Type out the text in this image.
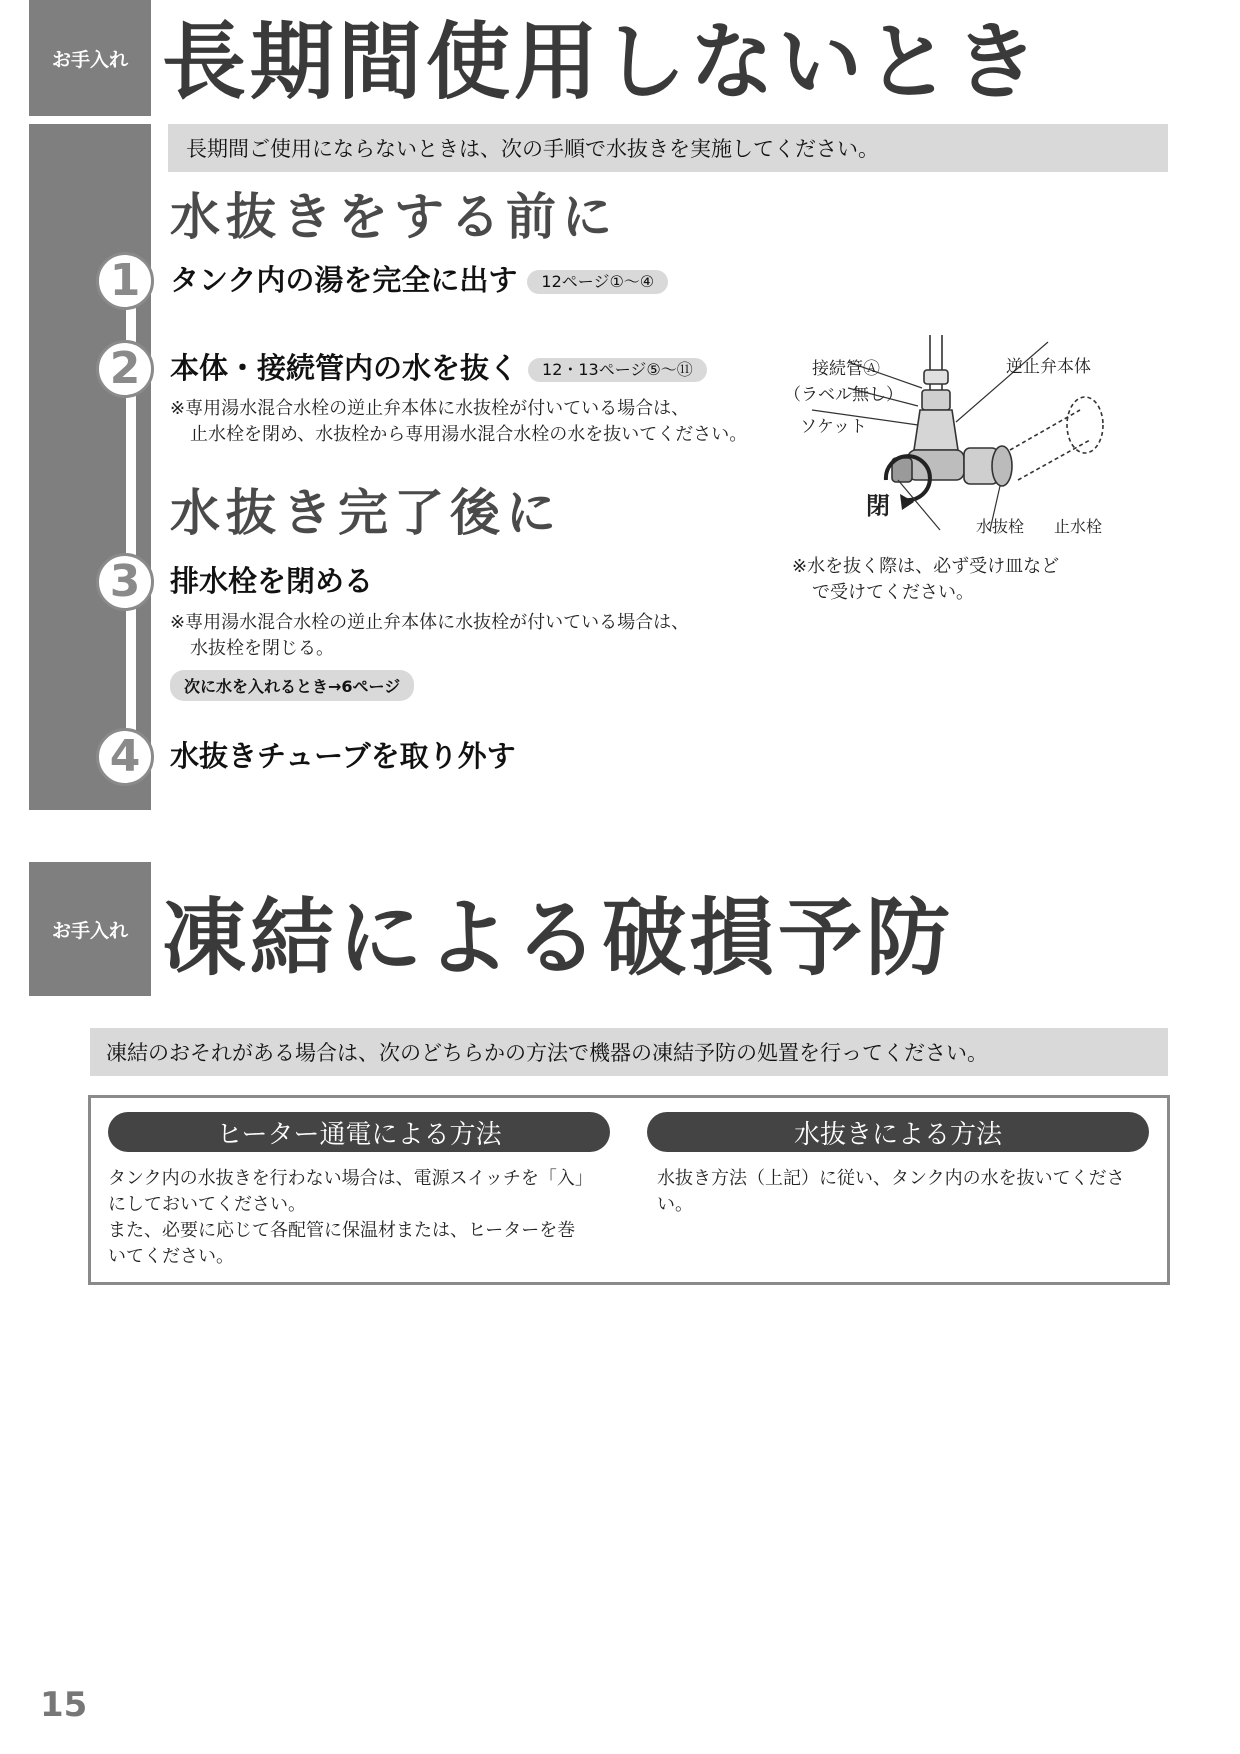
お手入れ 長期間使用しないとき
長期間ご使用にならないときは、次の手順で水抜きを実施してください。
水抜きをする前に
1	タンク内の湯を完全に出す 12ページ①～④
2	本体・接続管内の水を抜く 12・13ページ⑤～⑪
※専用湯水混合水栓の逆止弁本体に水抜栓が付いている場合は、
止水栓を閉め、水抜栓から専用湯水混合水栓の水を抜いてください。
水抜き完了後に
3	排水栓を閉める
※専用湯水混合水栓の逆止弁本体に水抜栓が付いている場合は、
水抜栓を閉じる。
次に水を入れるとき→6ページ
4	水抜きチューブを取り外す
接続管Ⓐ
（ラベル無し）
ソケット
逆止弁本体
閉
水抜栓 止水栓
※水を抜く際は、必ず受け皿など
で受けてください。
お手入れ 凍結による破損予防
凍結のおそれがある場合は、次のどちらかの方法で機器の凍結予防の処置を行ってください。
ヒーター通電による方法	水抜きによる方法
タンク内の水抜きを行わない場合は、電源スイッチを「入」
にしておいてください。
また、必要に応じて各配管に保温材または、ヒーターを巻
いてください。
水抜き方法（上記）に従い、タンク内の水を抜いてください。
15
